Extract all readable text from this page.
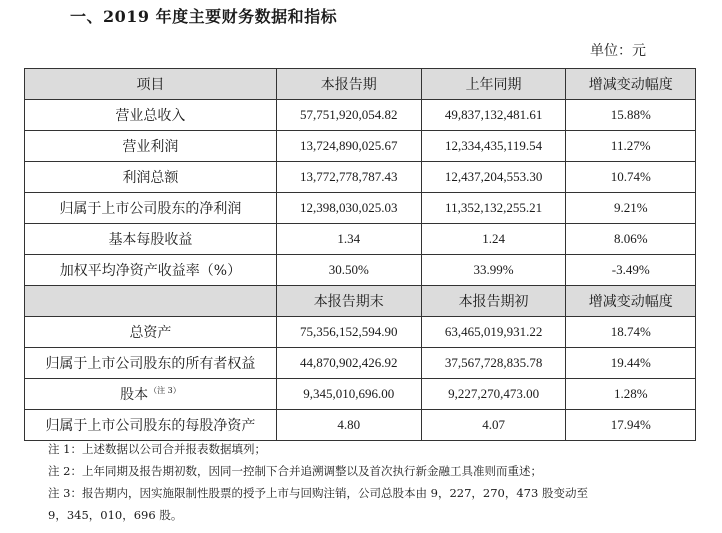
一、2019 年度主要财务数据和指标
单位：元
项目	本报告期	上年同期	增减变动幅度
营业总收入	57,751,920,054.82	49,837,132,481.61	15.88%
营业利润	13,724,890,025.67	12,334,435,119.54	11.27%
利润总额	13,772,778,787.43	12,437,204,553.30	10.74%
归属于上市公司股东的净利润	12,398,030,025.03	11,352,132,255.21	9.21%
基本每股收益	1.34	1.24	8.06%
加权平均净资产收益率（%）	30.50%	33.99%	-3.49%
	本报告期末	本报告期初	增减变动幅度
总资产	75,356,152,594.90	63,465,019,931.22	18.74%
归属于上市公司股东的所有者权益	44,870,902,426.92	37,567,728,835.78	19.44%
股本$^{(注 3)}$	9,345,010,696.00	9,227,270,473.00	1.28%
归属于上市公司股东的每股净资产	4.80	4.07	17.94%
注 1：上述数据以公司合并报表数据填列；
注 2：上年同期及报告期初数，因同一控制下合并追溯调整以及首次执行新金融工具准则而重述；
注 3：报告期内，因实施限制性股票的授予上市与回购注销，公司总股本由 9，227，270，473 股变动至
9，345，010，696 股。
